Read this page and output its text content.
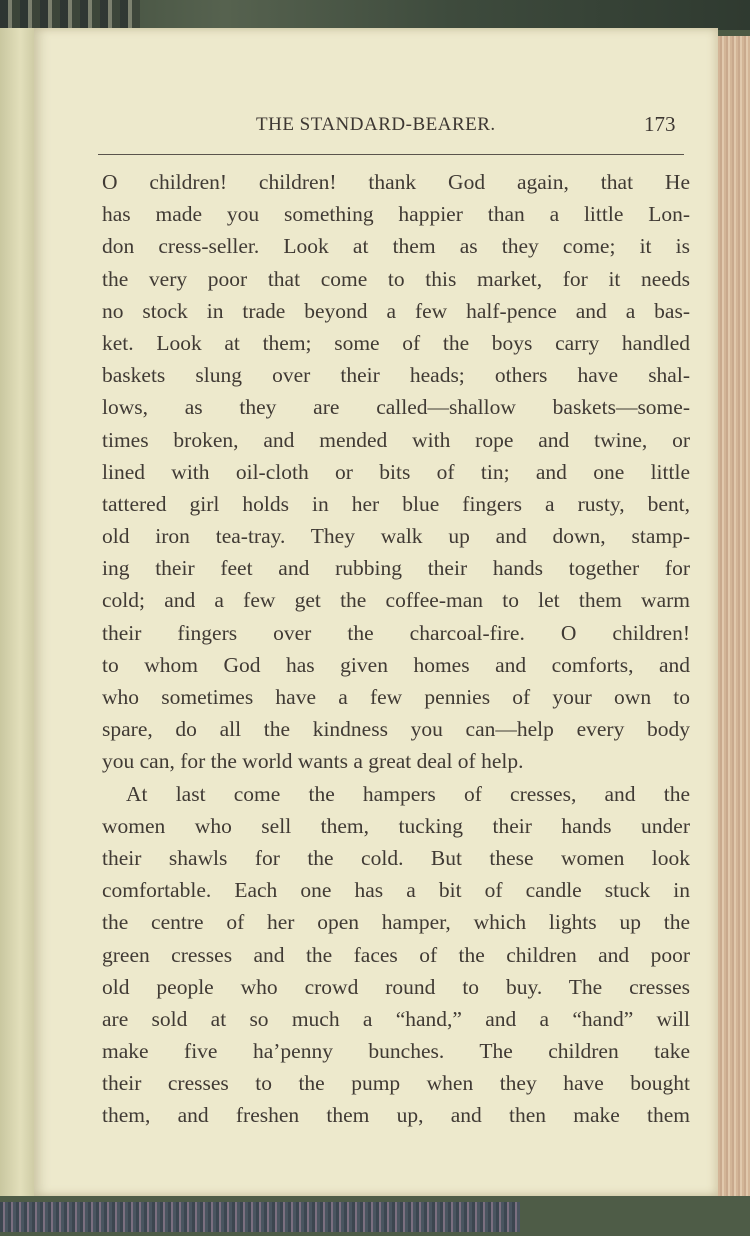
THE STANDARD-BEARER.	173
O children! children! thank God again, that He
has made you something happier than a little Lon-
don cress-seller. Look at them as they come; it is
the very poor that come to this market, for it needs
no stock in trade beyond a few half-pence and a bas-
ket. Look at them; some of the boys carry handled
baskets slung over their heads; others have shal-
lows, as they are called—shallow baskets—some-
times broken, and mended with rope and twine, or
lined with oil-cloth or bits of tin; and one little
tattered girl holds in her blue fingers a rusty, bent,
old iron tea-tray. They walk up and down, stamp-
ing their feet and rubbing their hands together for
cold; and a few get the coffee-man to let them warm
their fingers over the charcoal-fire. O children!
to whom God has given homes and comforts, and
who sometimes have a few pennies of your own to
spare, do all the kindness you can—help every body
you can, for the world wants a great deal of help.
At last come the hampers of cresses, and the
women who sell them, tucking their hands under
their shawls for the cold. But these women look
comfortable. Each one has a bit of candle stuck in
the centre of her open hamper, which lights up the
green cresses and the faces of the children and poor
old people who crowd round to buy. The cresses
are sold at so much a “hand,” and a “hand” will
make five ha’penny bunches. The children take
their cresses to the pump when they have bought
them, and freshen them up, and then make them
